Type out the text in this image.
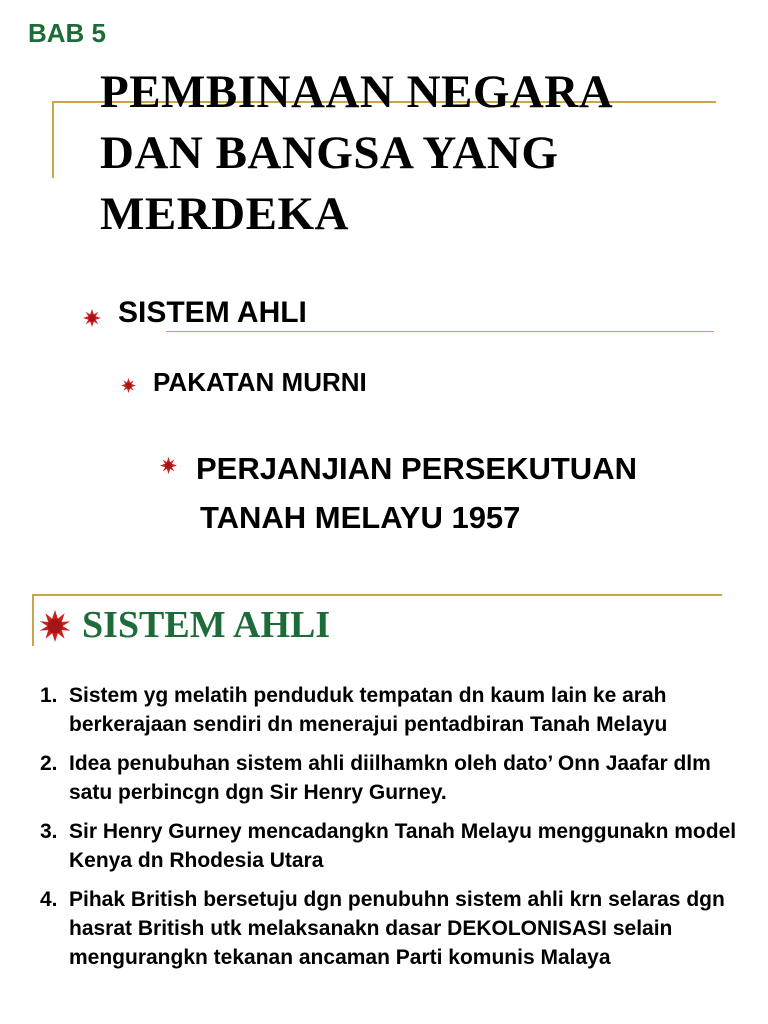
BAB 5
PEMBINAAN NEGARA
DAN BANGSA YANG
MERDEKA
SISTEM AHLI
PAKATAN MURNI
PERJANJIAN PERSEKUTUAN
TANAH MELAYU 1957
SISTEM AHLI
1. Sistem yg melatih penduduk tempatan dn kaum lain ke arah berkerajaan sendiri dn menerajui pentadbiran Tanah Melayu
2. Idea penubuhan sistem ahli diilhamkn oleh dato’ Onn Jaafar dlm satu perbincgn dgn Sir Henry Gurney.
3. Sir Henry Gurney mencadangkn Tanah Melayu menggunakn model Kenya dn Rhodesia Utara
4. Pihak British bersetuju dgn penubuhn sistem ahli krn selaras dgn hasrat British utk melaksanakn dasar DEKOLONISASI selain mengurangkn tekanan ancaman Parti komunis Malaya
